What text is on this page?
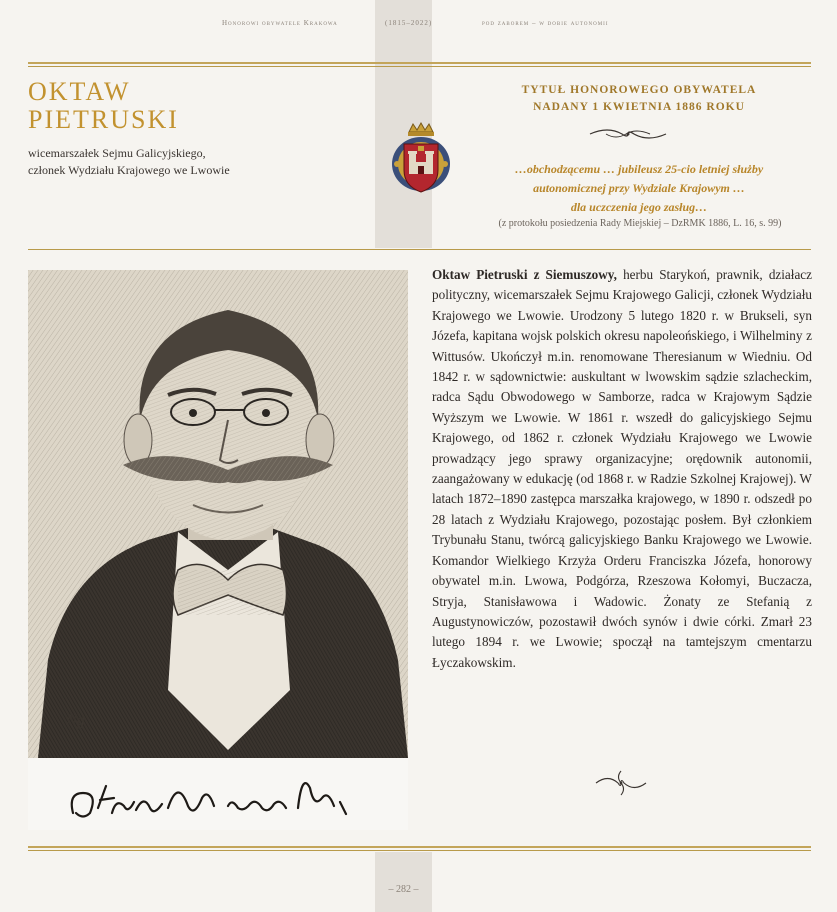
Honorowi obywatele Krakowa	(1815–2022)	pod zaborem – w dobie autonomii
OKTAW
PIETRUSKI
wicemarszałek Sejmu Galicyjskiego,
członek Wydziału Krajowego we Lwowie
TYTUŁ HONOROWEGO OBYWATELA
NADANY 1 KWIETNIA 1886 ROKU
…obchodzącemu … jubileusz 25-cio letniej służby
autonomicznej przy Wydziale Krajowym …
dla uczczenia jego zasług…
(z protokołu posiedzenia Rady Miejskiej – DzRMK 1886, L. 16, s. 99)
Ng
Oktaw Pietruski z Siemuszowy, herbu Starykoń, prawnik, działacz polityczny, wicemarszałek Sejmu Krajowego Galicji, członek Wydziału Krajowego we Lwowie. Urodzony 5 lutego 1820 r. w Brukseli, syn Józefa, kapitana wojsk polskich okresu napoleońskiego, i Wilhelminy z Wittusów. Ukończył m.in. renomowane Theresianum w Wiedniu. Od 1842 r. w sądownictwie: auskultant w lwowskim sądzie szlacheckim, radca Sądu Obwodowego w Samborze, radca w Krajowym Sądzie Wyższym we Lwowie. W 1861 r. wszedł do galicyjskiego Sejmu Krajowego, od 1862 r. członek Wydziału Krajowego we Lwowie prowadzący jego sprawy organizacyjne; orędownik autonomii, zaangażowany w edukację (od 1868 r. w Radzie Szkolnej Krajowej). W latach 1872–1890 zastępca marszałka krajowego, w 1890 r. odszedł po 28 latach z Wydziału Krajowego, pozostając posłem. Był członkiem Trybunału Stanu, twórcą galicyjskiego Banku Krajowego we Lwowie. Komandor Wielkiego Krzyża Orderu Franciszka Józefa, honorowy obywatel m.in. Lwowa, Podgórza, Rzeszowa Kołomyi, Buczacza, Stryja, Stanisławowa i Wadowic. Żonaty ze Stefanią z Augustynowiczów, pozostawił dwóch synów i dwie córki. Zmarł 23 lutego 1894 r. we Lwowie; spoczął na tamtejszym cmentarzu Łyczakowskim.
– 282 –
